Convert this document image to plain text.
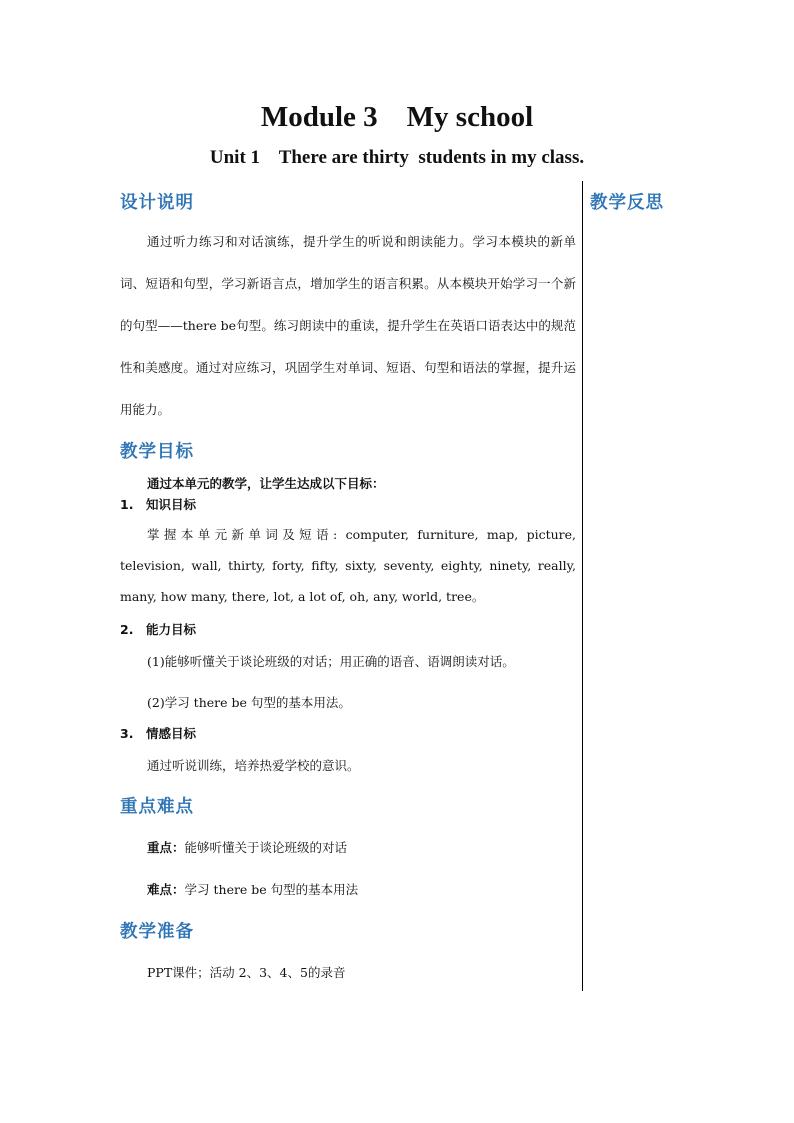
Module 3    My school
Unit 1    There are thirty  students in my class.
教学反思
设计说明

通过听力练习和对话演练，提升学生的听说和朗读能力。学习本模块的新单词、短语和句型，学习新语言点，增加学生的语言积累。从本模块开始学习一个新的句型——there be句型。练习朗读中的重读，提升学生在英语口语表达中的规范性和美感度。通过对应练习，巩固学生对单词、短语、句型和语法的掌握，提升运用能力。

教学目标

通过本单元的教学，让学生达成以下目标：

1. 知识目标

掌握本单元新单词及短语: computer, furniture, map, picture, television, wall, thirty, forty, fifty, sixty, seventy, eighty, ninety, really, many, how many, there, lot, a lot of, oh, any, world, tree。

2. 能力目标

(1)能够听懂关于谈论班级的对话；用正确的语音、语调朗读对话。

(2)学习 there be 句型的基本用法。

3. 情感目标

通过听说训练，培养热爱学校的意识。

重点难点

重点：能够听懂关于谈论班级的对话

难点：学习 there be 句型的基本用法

教学准备

PPT课件；活动 2、3、4、5的录音
